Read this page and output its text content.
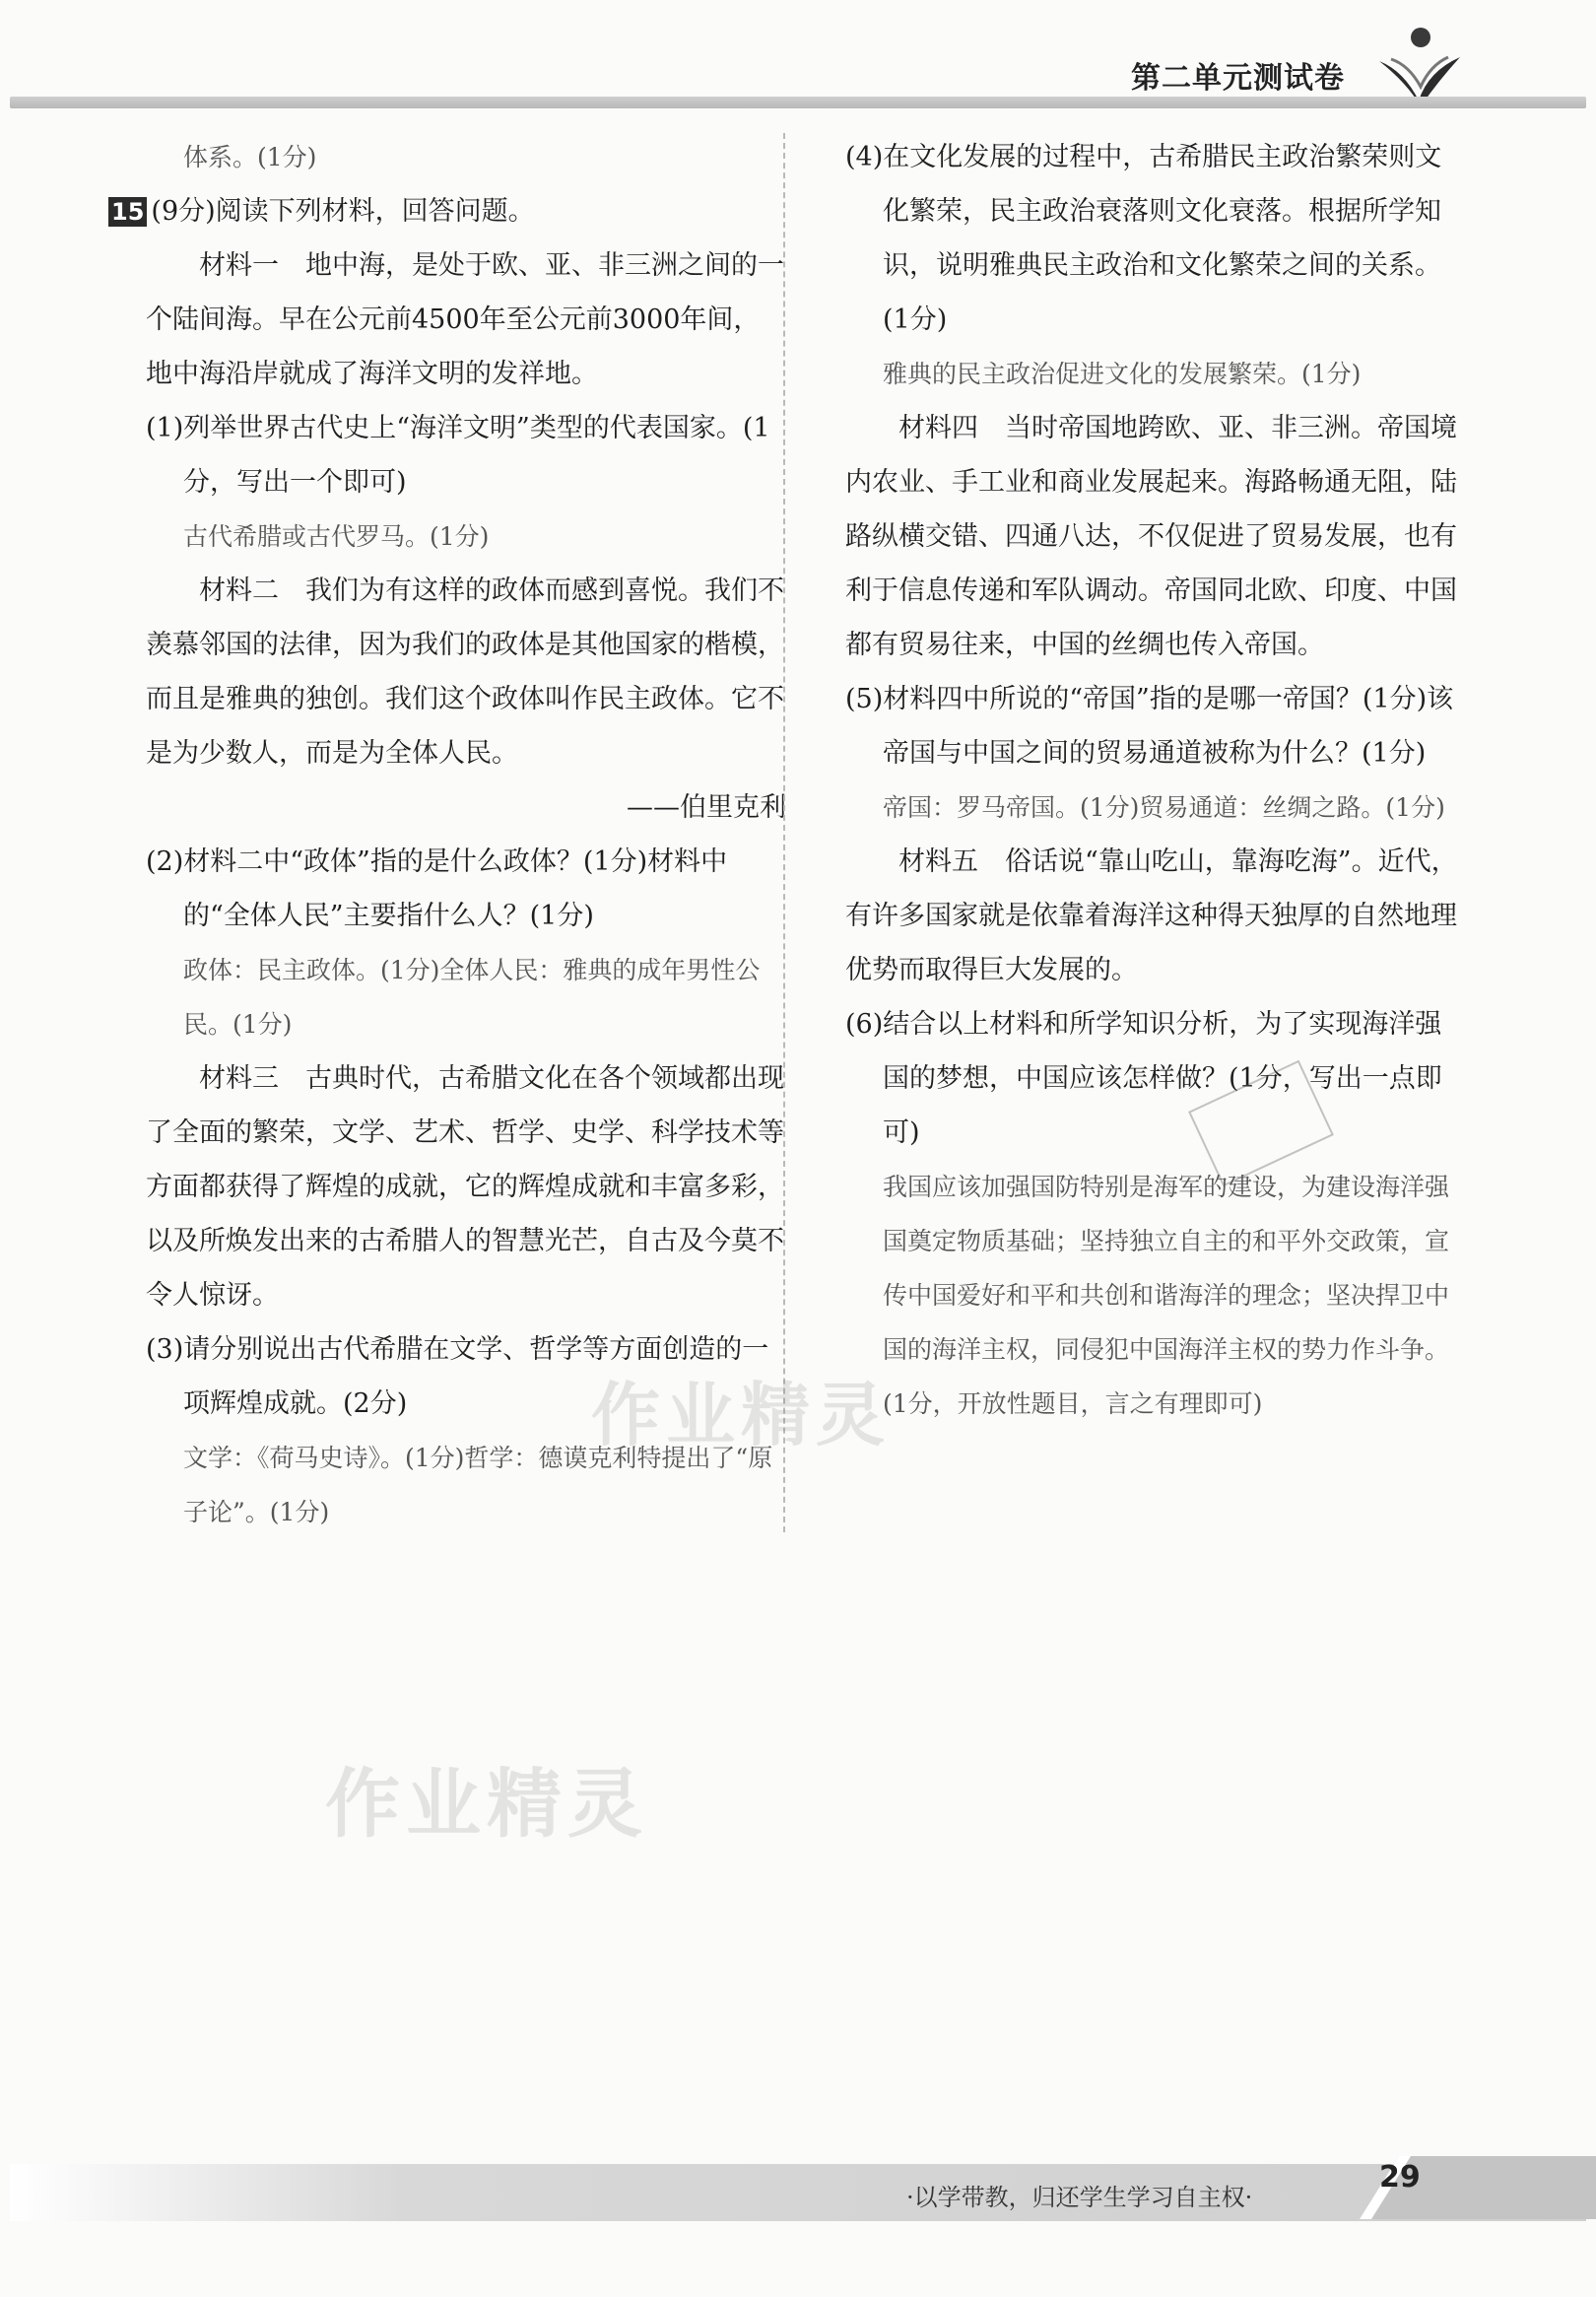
第二单元测试卷

体系。(1分)

15 (9分)阅读下列材料，回答问题。

材料一　地中海，是处于欧、亚、非三洲之间的一个陆间海。早在公元前4500年至公元前3000年间，地中海沿岸就成了海洋文明的发祥地。

(1)列举世界古代史上“海洋文明”类型的代表国家。(1分，写出一个即可)

古代希腊或古代罗马。(1分)

材料二　我们为有这样的政体而感到喜悦。我们不羡慕邻国的法律，因为我们的政体是其他国家的楷模，而且是雅典的独创。我们这个政体叫作民主政体。它不是为少数人，而是为全体人民。

——伯里克利

(2)材料二中“政体”指的是什么政体？(1分)材料中的“全体人民”主要指什么人？(1分)

政体：民主政体。(1分)全体人民：雅典的成年男性公民。(1分)

材料三　古典时代，古希腊文化在各个领域都出现了全面的繁荣，文学、艺术、哲学、史学、科学技术等方面都获得了辉煌的成就，它的辉煌成就和丰富多彩，以及所焕发出来的古希腊人的智慧光芒，自古及今莫不令人惊讶。

(3)请分别说出古代希腊在文学、哲学等方面创造的一项辉煌成就。(2分)

文学：《荷马史诗》。(1分)哲学：德谟克利特提出了“原子论”。(1分)

(4)在文化发展的过程中，古希腊民主政治繁荣则文化繁荣，民主政治衰落则文化衰落。根据所学知识，说明雅典民主政治和文化繁荣之间的关系。(1分)

雅典的民主政治促进文化的发展繁荣。(1分)

材料四　当时帝国地跨欧、亚、非三洲。帝国境内农业、手工业和商业发展起来。海路畅通无阻，陆路纵横交错、四通八达，不仅促进了贸易发展，也有利于信息传递和军队调动。帝国同北欧、印度、中国都有贸易往来，中国的丝绸也传入帝国。

(5)材料四中所说的“帝国”指的是哪一帝国？(1分)该帝国与中国之间的贸易通道被称为什么？(1分)

帝国：罗马帝国。(1分)贸易通道：丝绸之路。(1分)

材料五　俗话说“靠山吃山，靠海吃海”。近代，有许多国家就是依靠着海洋这种得天独厚的自然地理优势而取得巨大发展的。

(6)结合以上材料和所学知识分析，为了实现海洋强国的梦想，中国应该怎样做？(1分，写出一点即可)

我国应该加强国防特别是海军的建设，为建设海洋强国奠定物质基础；坚持独立自主的和平外交政策，宣传中国爱好和平和共创和谐海洋的理念；坚决捍卫中国的海洋主权，同侵犯中国海洋主权的势力作斗争。(1分，开放性题目，言之有理即可)

作业精灵
作业精灵
·以学带教，归还学生学习自主权·
29
